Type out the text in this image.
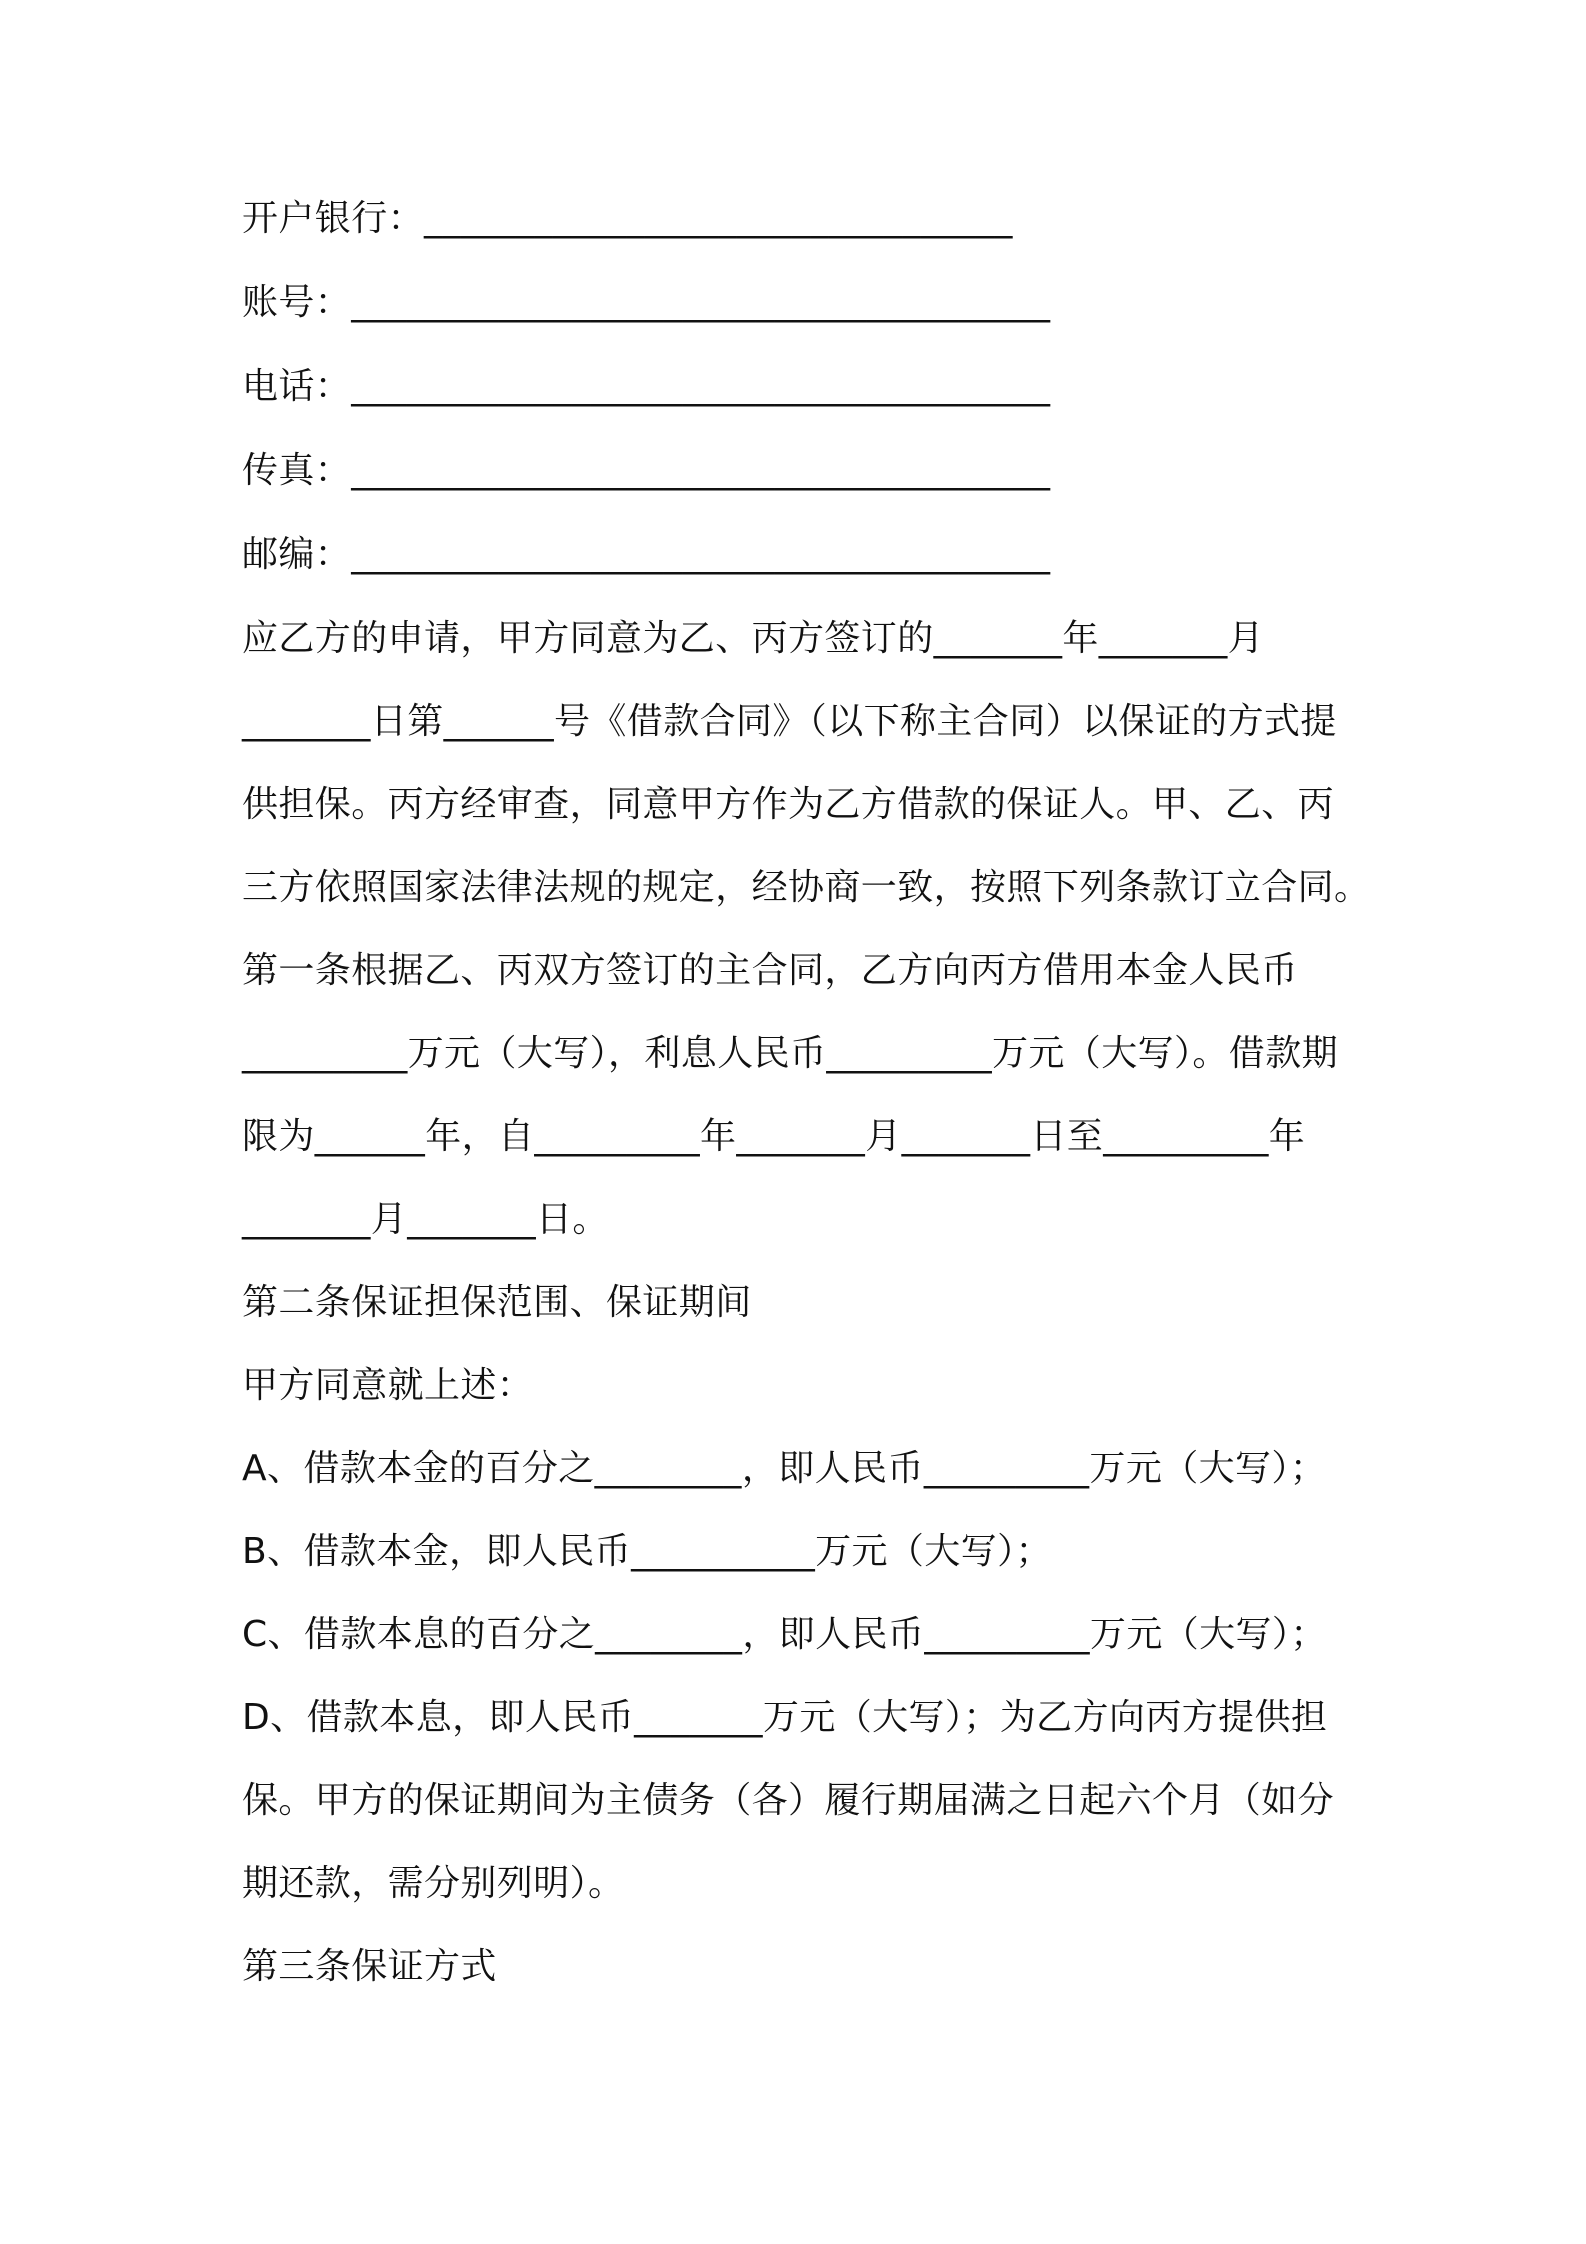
开户银行：________________________________

账号：______________________________________

电话：______________________________________

传真：______________________________________

邮编：______________________________________

应乙方的申请，甲方同意为乙、丙方签订的_______年_______月

_______日第______号《借款合同》（以下称主合同）以保证的方式提

供担保。丙方经审查，同意甲方作为乙方借款的保证人。甲、乙、丙

三方依照国家法律法规的规定，经协商一致，按照下列条款订立合同。

第一条根据乙、丙双方签订的主合同，乙方向丙方借用本金人民币

_________万元（大写），利息人民币_________万元（大写）。借款期

限为______年，自_________年_______月_______日至_________年

_______月_______日。

第二条保证担保范围、保证期间

甲方同意就上述：

A、借款本金的百分之________，即人民币_________万元（大写）；

B、借款本金，即人民币__________万元（大写）；

C、借款本息的百分之________，即人民币_________万元（大写）；

D、借款本息，即人民币_______万元（大写）；为乙方向丙方提供担

保。甲方的保证期间为主债务（各）履行期届满之日起六个月（如分

期还款，需分别列明）。

第三条保证方式
